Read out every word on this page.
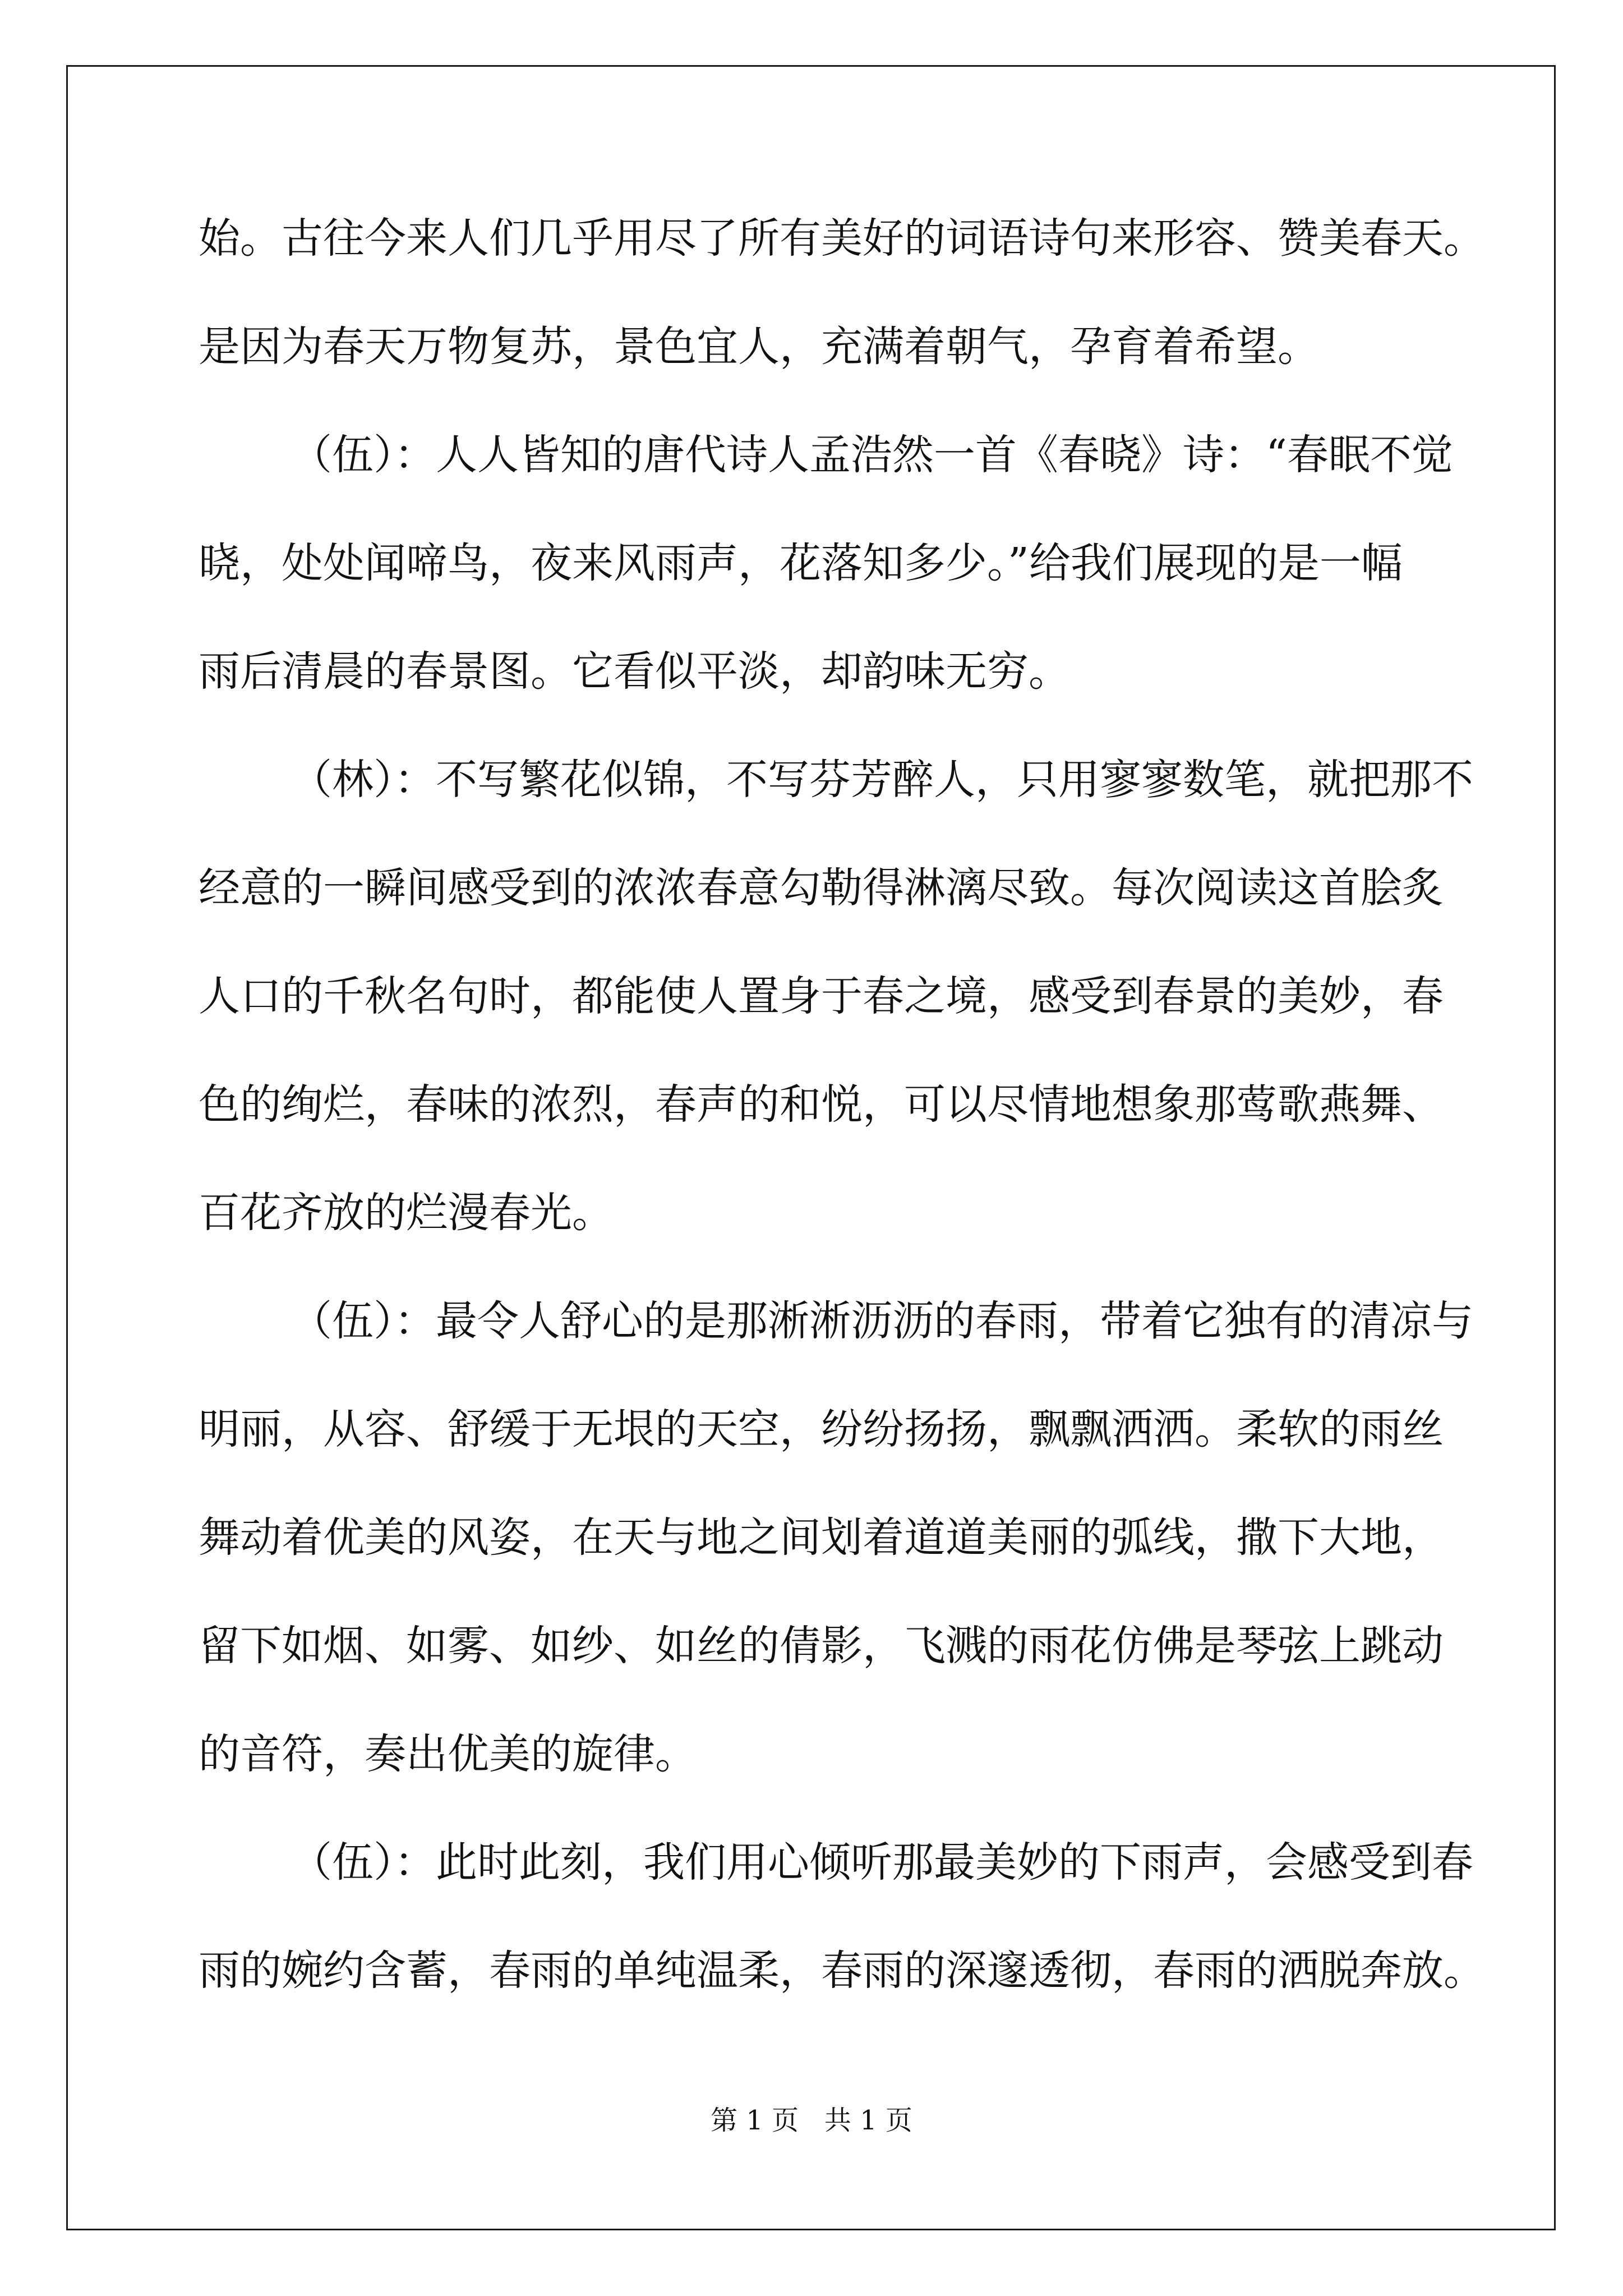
始。古往今来人们几乎用尽了所有美好的词语诗句来形容、赞美春天。
是因为春天万物复苏，景色宜人，充满着朝气，孕育着希望。
（伍）：人人皆知的唐代诗人孟浩然一首《春晓》诗：“春眠不觉
晓，处处闻啼鸟，夜来风雨声，花落知多少。”给我们展现的是一幅
雨后清晨的春景图。它看似平淡，却韵味无穷。
（林）：不写繁花似锦，不写芬芳醉人，只用寥寥数笔，就把那不
经意的一瞬间感受到的浓浓春意勾勒得淋漓尽致。每次阅读这首脍炙
人口的千秋名句时，都能使人置身于春之境，感受到春景的美妙，春
色的绚烂，春味的浓烈，春声的和悦，可以尽情地想象那莺歌燕舞、
百花齐放的烂漫春光。
（伍）：最令人舒心的是那淅淅沥沥的春雨，带着它独有的清凉与
明丽，从容、舒缓于无垠的天空，纷纷扬扬，飘飘洒洒。柔软的雨丝
舞动着优美的风姿，在天与地之间划着道道美丽的弧线，撒下大地，
留下如烟、如雾、如纱、如丝的倩影，飞溅的雨花仿佛是琴弦上跳动
的音符，奏出优美的旋律。
（伍）：此时此刻，我们用心倾听那最美妙的下雨声，会感受到春
雨的婉约含蓄，春雨的单纯温柔，春雨的深邃透彻，春雨的洒脱奔放。
第 1 页   共 1 页
